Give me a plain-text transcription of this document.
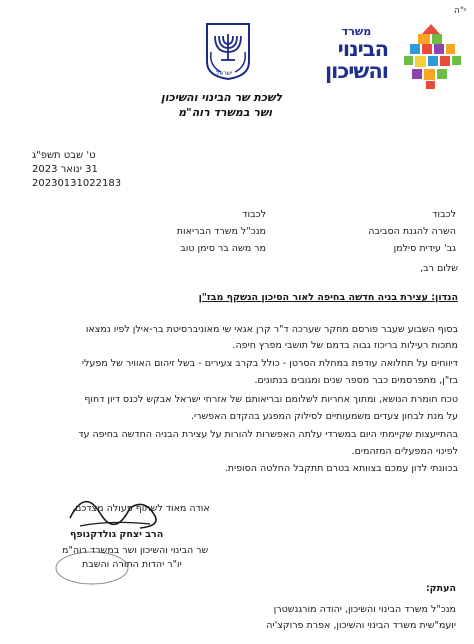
י"ה
ישראל
לשכת שר הבינוי והשיכון
ושר במשרד רוה"מ
משרד
הבינוי
והשיכון
ט' שבט תשפ"ג
31 ינואר 2023
20230131022183
לכבוד
השרה להגנת הסביבה
גב' עידית סילמן
לכבוד
מנכ"ל משרד הבריאות
מר משה בר סימן טוב
שלום רב,
הנדון: עצירת בניה חדשה בחיפה לאור הסיכון הנשקף מבז"ן
בסוף השבוע שעבר פורסם מחקר שערכה ד"ר קרן אגאי שי מאוניברסיטת בר-אילן לפיו נמצאו
מתכות רעילות בריכוז גבוה בדמם של תושבי מפרץ חיפה.
דיווחים על תחלואה עודפת במחלת הסרטן - כולל בקרב צעירים - בשל זיהום האוויר של מפעלי
בז"ן, מתפרסמים כבר מספר שנים ומגובים בנתונים.
טכח חומרת הנושא, ומתוך אחריות לשלומם ובריאותם של אזרחי ישראל אבקש לכנס דיון דחוף
על מנת לבחון צעדים משמעותיים לסילוק המפגע בהקדם האפשרי.
בהתייעצות שקיימתי היום במשרדי עלתה האפשרות להורות על עצירת הבניה החדשה בחיפה עד
לפינוי המפעלים המזהמים.
בכוונתי לדון עמכם בצוותא בטרם תתקבל החלטה הסופית.
אודה מאוד לשתוף פעולה מצדכם,
הרב יצחק גולדקנופף
שר הבינוי והשיכון ושר במשרד רוה"מ
יו"ר יהדות התורה והשבת
העתק:
מנכ"ל משרד הבינוי והשיכון, יהודה מורגנשטרן
יועמ"שית משרד הבינוי והשיכון, אפרת פרוקצ'יה
